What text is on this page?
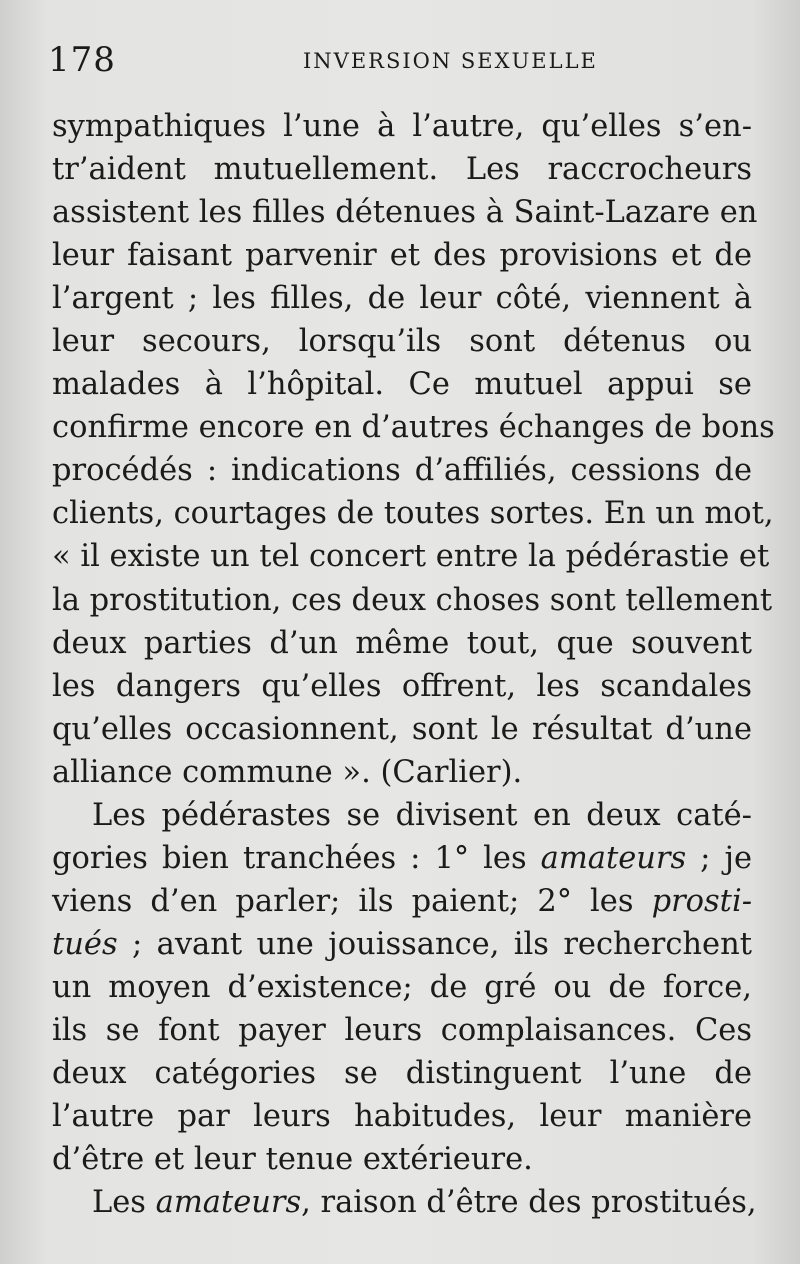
178	INVERSION SEXUELLE
sympathiques l’une à l’autre, qu’elles s’en-
tr’aident mutuellement. Les raccrocheurs
assistent les filles détenues à Saint-Lazare en
leur faisant parvenir et des provisions et de
l’argent ; les filles, de leur côté, viennent à
leur secours, lorsqu’ils sont détenus ou
malades à l’hôpital. Ce mutuel appui se
confirme encore en d’autres échanges de bons
procédés : indications d’affiliés, cessions de
clients, courtages de toutes sortes. En un mot,
« il existe un tel concert entre la pédérastie et
la prostitution, ces deux choses sont tellement
deux parties d’un même tout, que souvent
les dangers qu’elles offrent, les scandales
qu’elles occasionnent, sont le résultat d’une
alliance commune ». (Carlier).
Les pédérastes se divisent en deux caté-
gories bien tranchées : 1° les amateurs ; je
viens d’en parler; ils paient; 2° les prosti-
tués ; avant une jouissance, ils recherchent
un moyen d’existence; de gré ou de force,
ils se font payer leurs complaisances. Ces
deux catégories se distinguent l’une de
l’autre par leurs habitudes, leur manière
d’être et leur tenue extérieure.
Les amateurs, raison d’être des prostitués,
